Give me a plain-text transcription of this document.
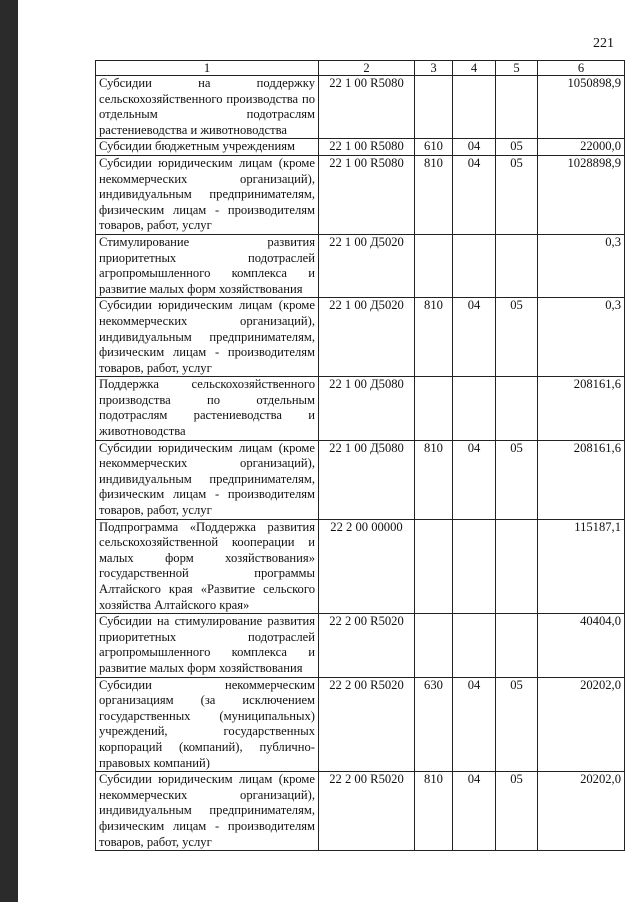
221
1	2	3	4	5	6
Субсидии на поддержку сельскохозяйственного производства по отдельным подотраслям растениеводства и животноводства	22 1 00 R5080				1050898,9
Субсидии бюджетным учреждениям	22 1 00 R5080	610	04	05	22000,0
Субсидии юридическим лицам (кроме некоммерческих организаций), индивидуальным предпринимателям, физическим лицам - производителям товаров, работ, услуг	22 1 00 R5080	810	04	05	1028898,9
Стимулирование развития приоритетных подотраслей агропромышленного комплекса и развитие малых форм хозяйствования	22 1 00 Д5020				0,3
Субсидии юридическим лицам (кроме некоммерческих организаций), индивидуальным предпринимателям, физическим лицам - производителям товаров, работ, услуг	22 1 00 Д5020	810	04	05	0,3
Поддержка сельскохозяйственного производства по отдельным подотраслям растениеводства и животноводства	22 1 00 Д5080				208161,6
Субсидии юридическим лицам (кроме некоммерческих организаций), индивидуальным предпринимателям, физическим лицам - производителям товаров, работ, услуг	22 1 00 Д5080	810	04	05	208161,6
Подпрограмма «Поддержка развития сельскохозяйственной кооперации и малых форм хозяйствования» государственной программы Алтайского края «Развитие сельского хозяйства Алтайского края»	22 2 00 00000				115187,1
Субсидии на стимулирование развития приоритетных подотраслей агропромышленного комплекса и развитие малых форм хозяйствования	22 2 00 R5020				40404,0
Субсидии некоммерческим организациям (за исключением государственных (муниципальных) учреждений, государственных корпораций (компаний), публично-правовых компаний)	22 2 00 R5020	630	04	05	20202,0
Субсидии юридическим лицам (кроме некоммерческих организаций), индивидуальным предпринимателям, физическим лицам - производителям товаров, работ, услуг	22 2 00 R5020	810	04	05	20202,0
